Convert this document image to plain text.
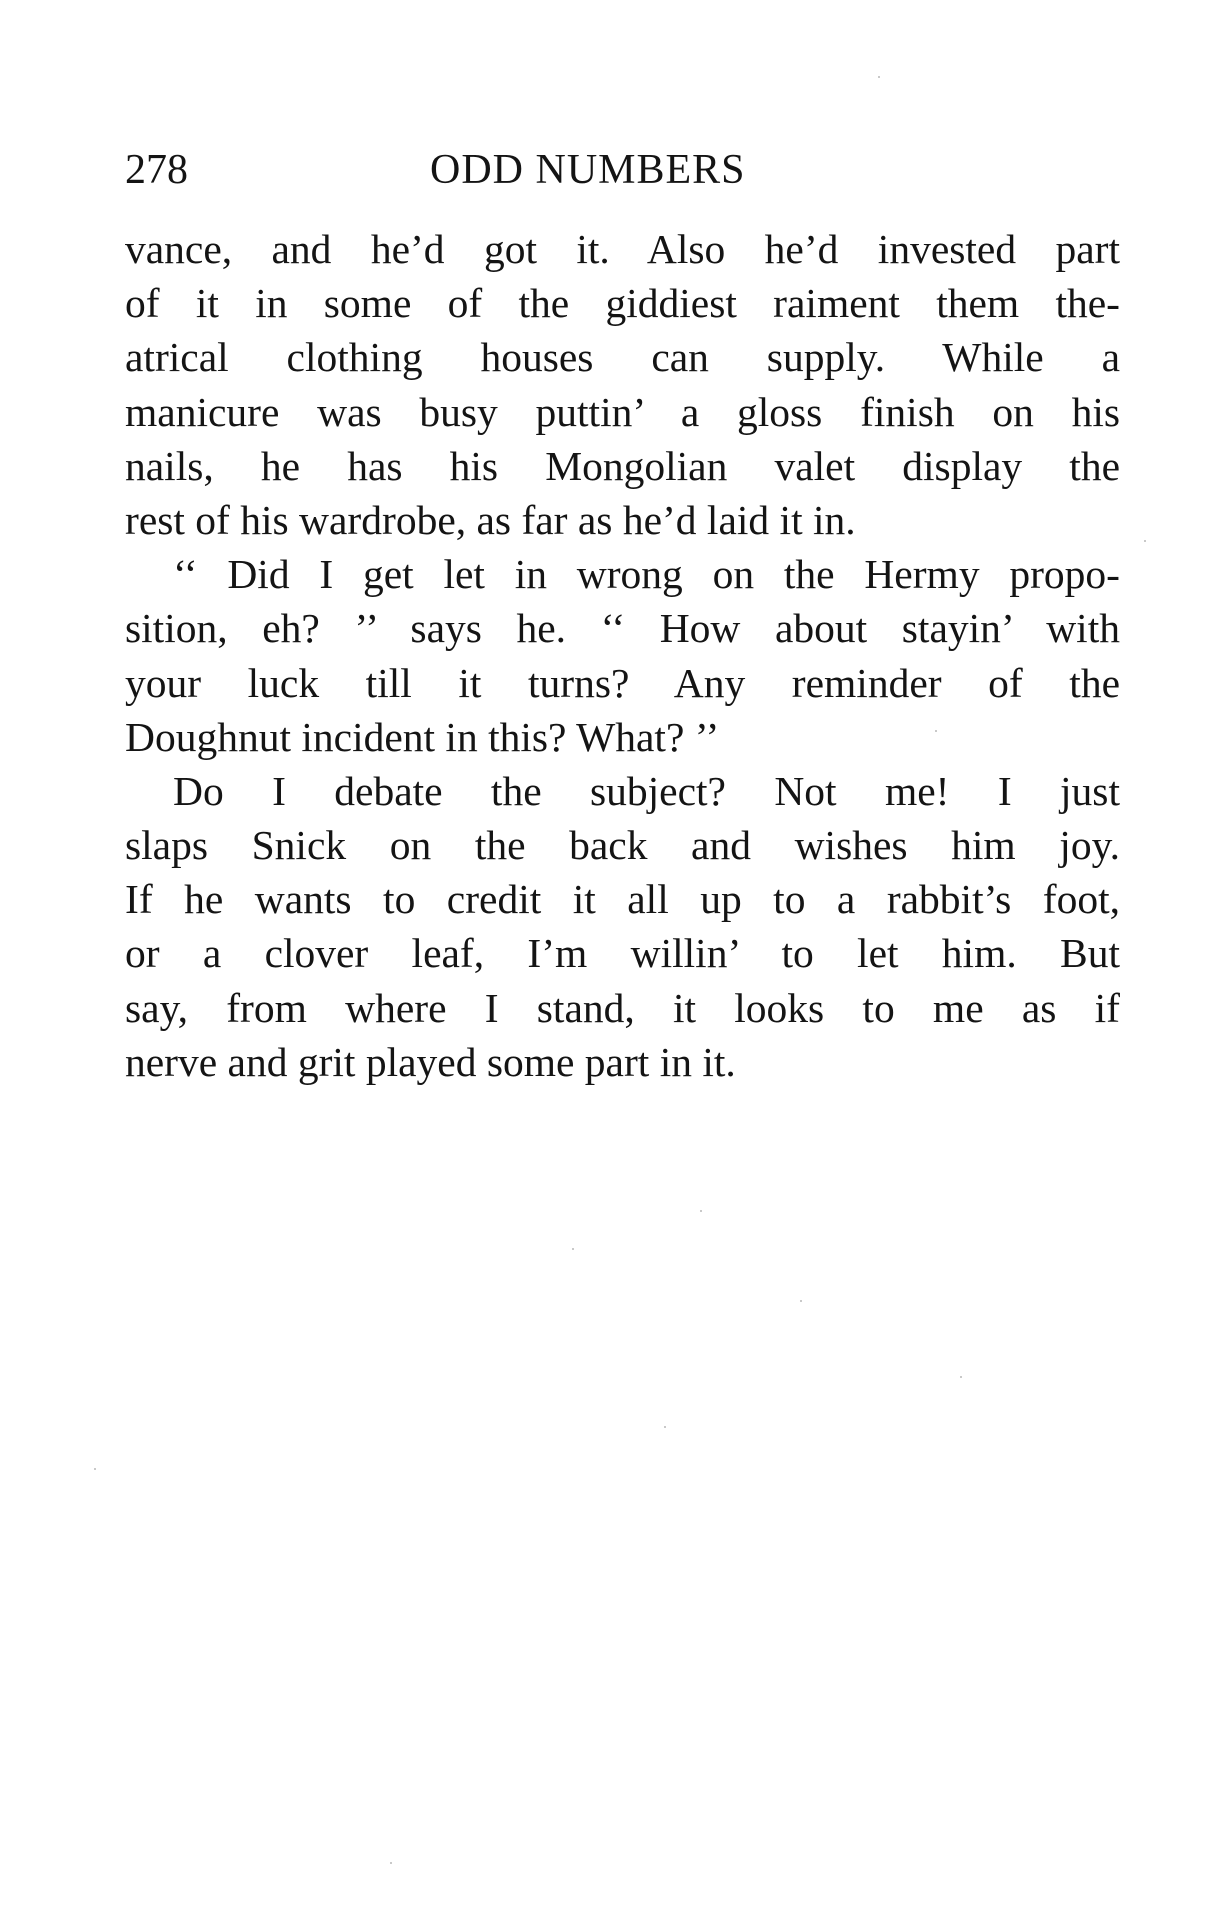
278	ODD NUMBERS
vance, and he’d got it. Also he’d invested part
of it in some of the giddiest raiment them the-
atrical clothing houses can supply. While a
manicure was busy puttin’ a gloss finish on his
nails, he has his Mongolian valet display the
rest of his wardrobe, as far as he’d laid it in.
‘‘ Did I get let in wrong on the Hermy propo-
sition, eh? ’’ says he. ‘‘ How about stayin’ with
your luck till it turns? Any reminder of the
Doughnut incident in this? What? ’’
Do I debate the subject? Not me! I just
slaps Snick on the back and wishes him joy.
If he wants to credit it all up to a rabbit’s foot,
or a clover leaf, I’m willin’ to let him. But
say, from where I stand, it looks to me as if
nerve and grit played some part in it.
